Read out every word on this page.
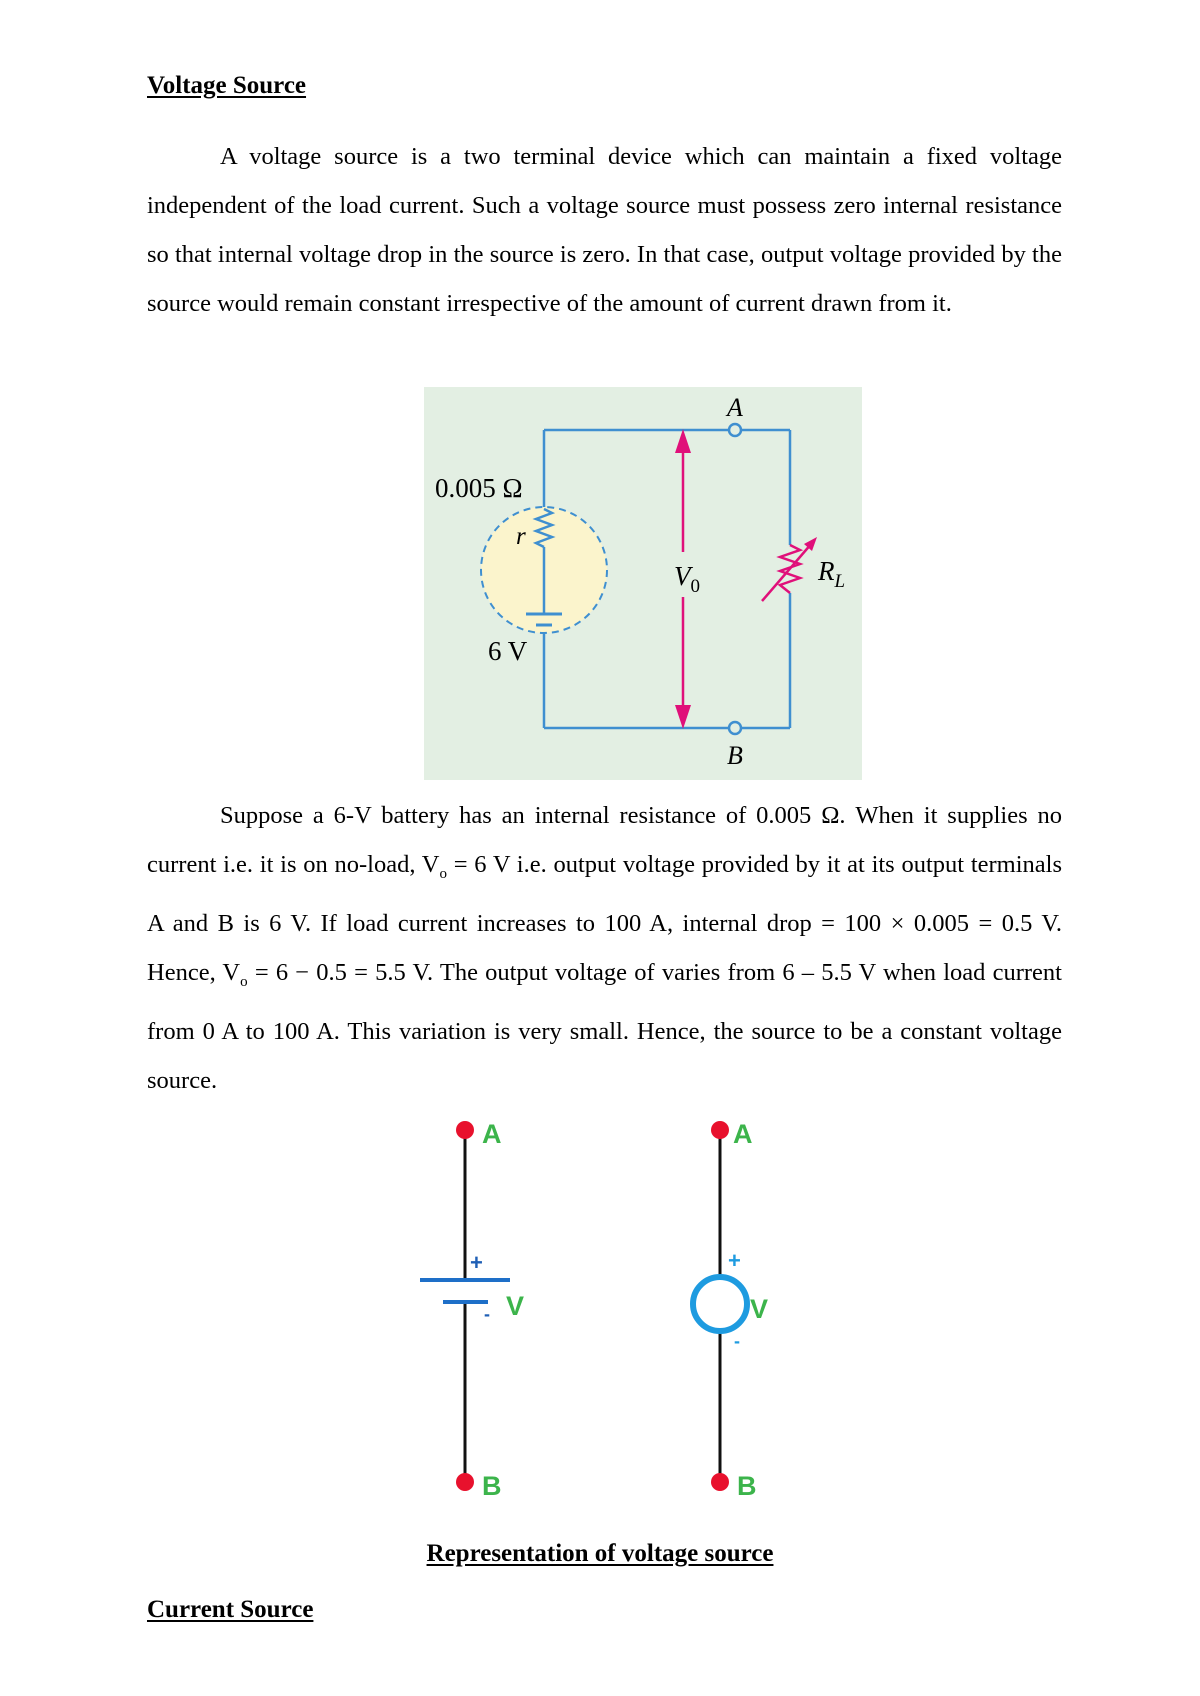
Voltage Source

A voltage source is a two terminal device which can maintain a fixed voltage independent of the load current. Such a voltage source must possess zero internal resistance so that internal voltage drop in the source is zero. In that case, output voltage provided by the source would remain constant irrespective of the amount of current drawn from it.

A
B
0.005 Ω
r
6 V
$V_0$
$R_L$

Suppose a 6-V battery has an internal resistance of 0.005 Ω. When it supplies no current i.e. it is on no-load, $V_o = 6$ V i.e. output voltage provided by it at its output terminals A and B is 6 V. If load current increases to 100 A, internal drop = 100 × 0.005 = 0.5 V. Hence, $V_o = 6 - 0.5 = 5.5$ V. The output voltage of varies from 6 – 5.5 V when load current from 0 A to 100 A. This variation is very small. Hence, the source to be a constant voltage source.

A
B
+
- V
A
B
+
-
V
Representation of voltage source
Current Source
